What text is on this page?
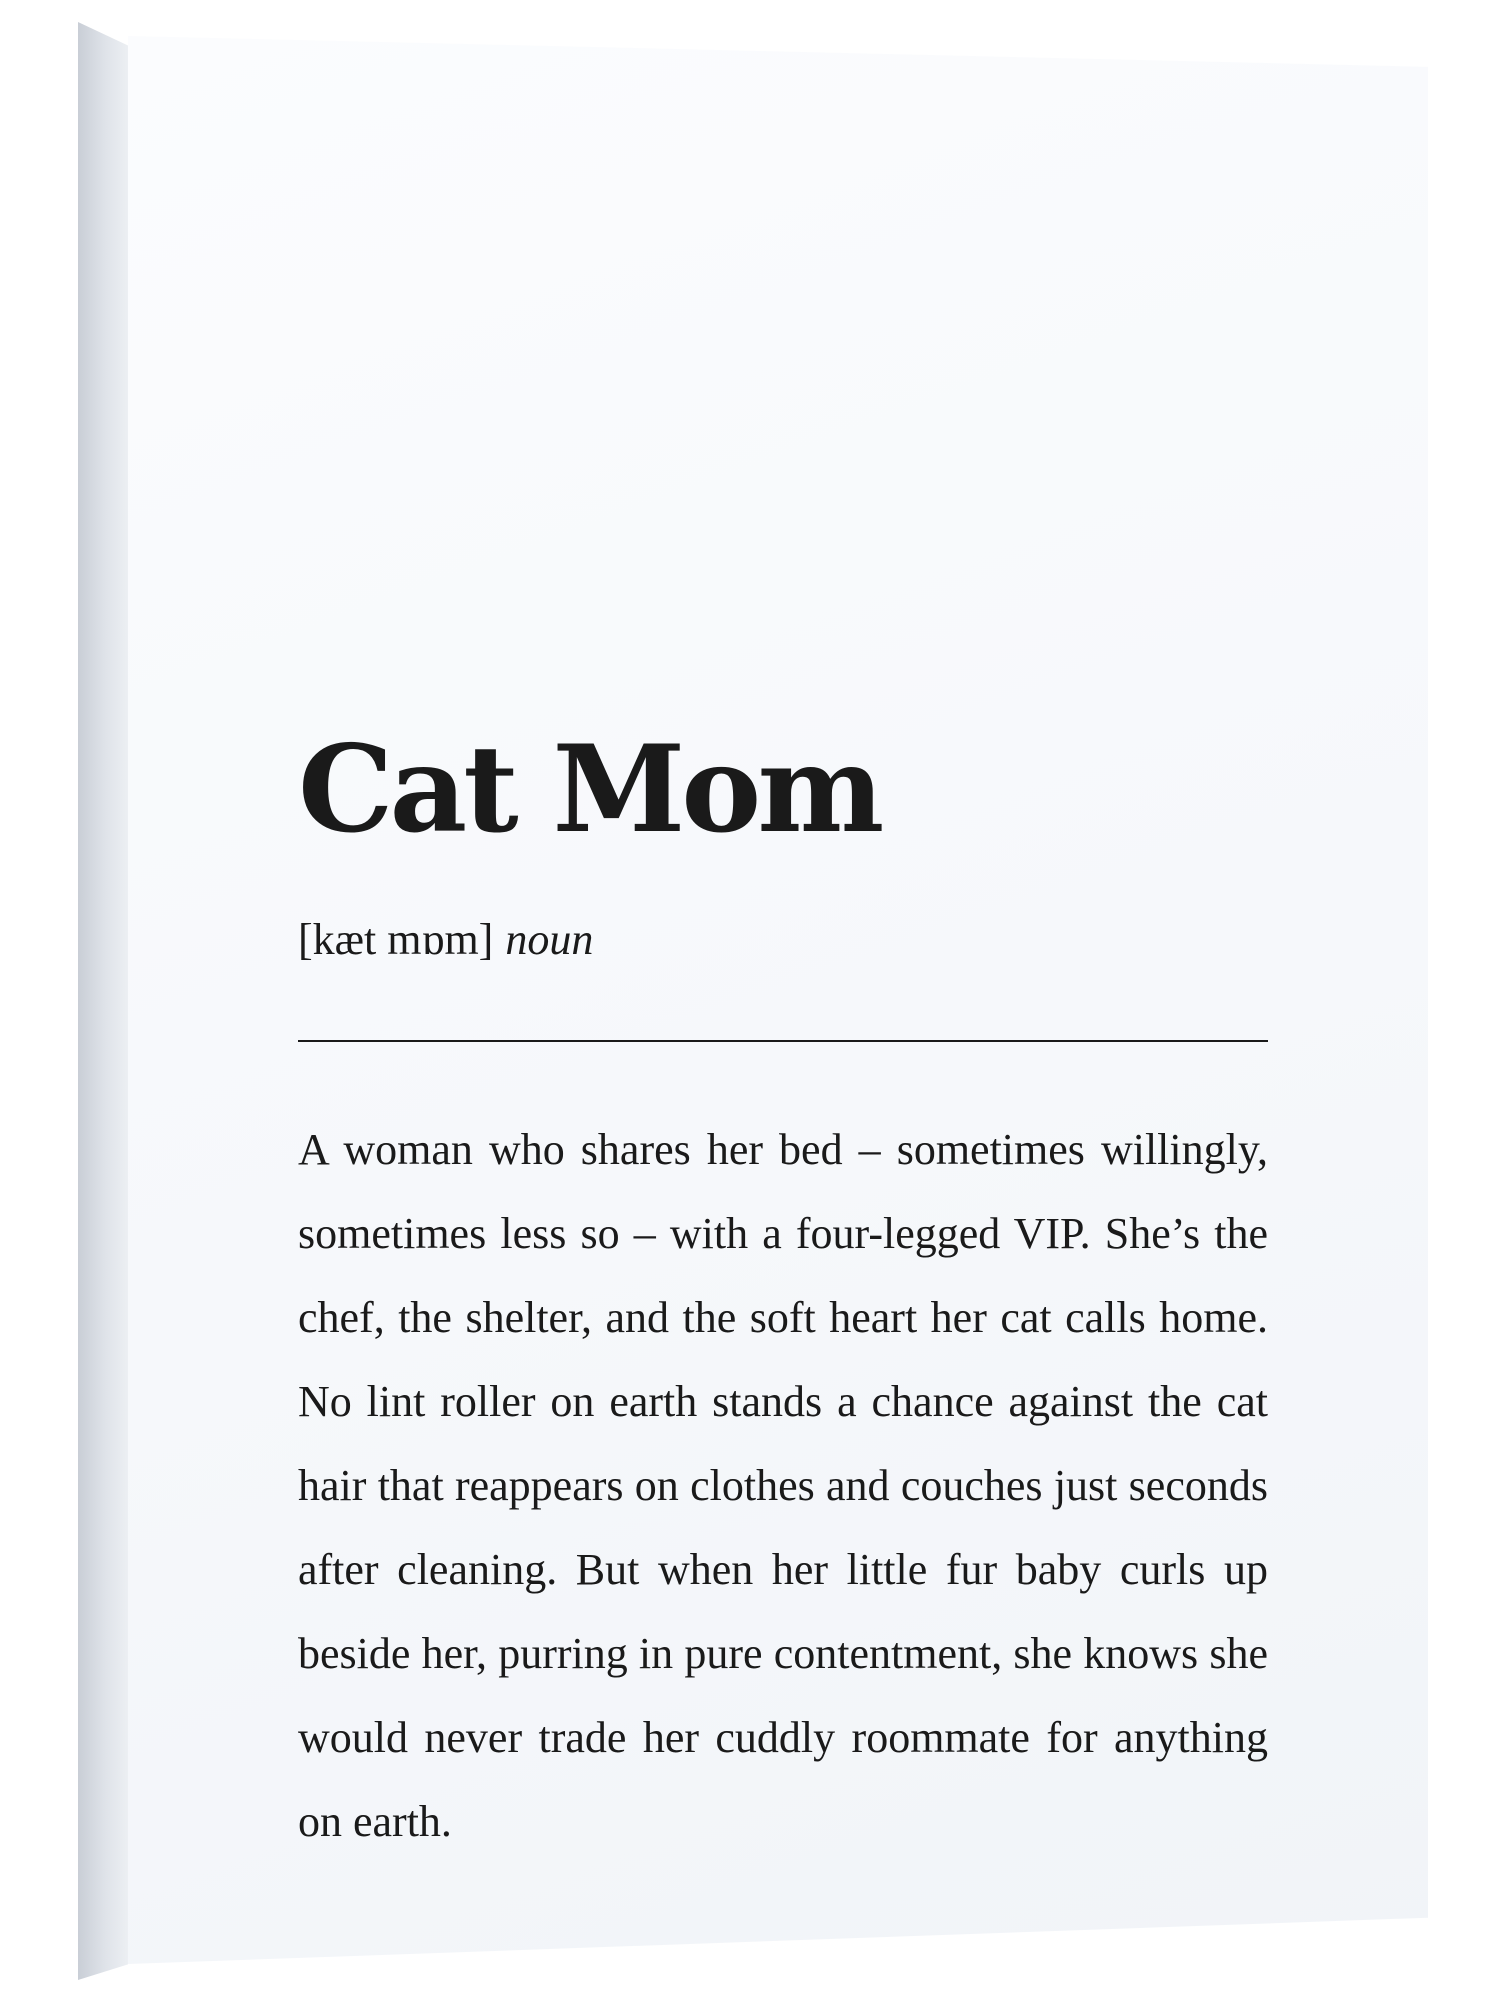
Cat Mom
[kæt mɒm] noun

A woman who shares her bed – sometimes willingly, sometimes less so – with a four-legged VIP. She’s the chef, the shelter, and the soft heart her cat calls home. No lint roller on earth stands a chance against the cat hair that reappears on clothes and couches just seconds after cleaning. But when her little fur baby curls up beside her, purring in pure contentment, she knows she would never trade her cuddly roommate for anything on earth.
